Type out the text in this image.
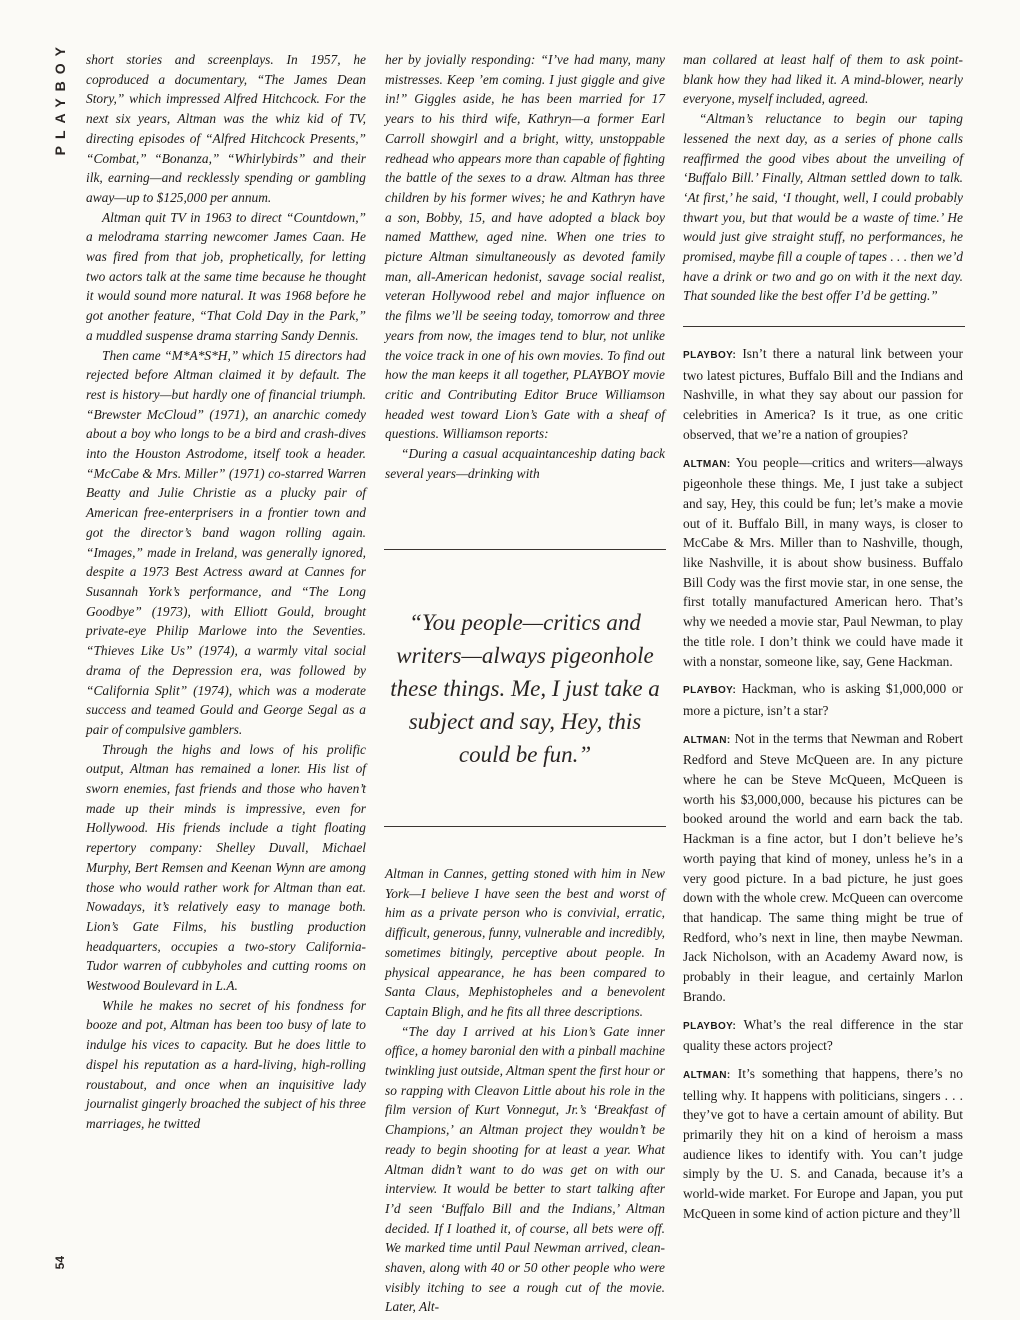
PLAYBOY
54

short stories and screenplays. In 1957, he coproduced a documentary, “The James Dean Story,” which impressed Alfred Hitchcock. For the next six years, Altman was the whiz kid of TV, directing episodes of “Alfred Hitchcock Presents,” “Combat,” “Bonanza,” “Whirlybirds” and their ilk, earning—and recklessly spending or gambling away—up to $125,000 per annum.

Altman quit TV in 1963 to direct “Countdown,” a melodrama starring newcomer James Caan. He was fired from that job, prophetically, for letting two actors talk at the same time because he thought it would sound more natural. It was 1968 before he got another feature, “That Cold Day in the Park,” a muddled suspense drama starring Sandy Dennis.

Then came “M*A*S*H,” which 15 directors had rejected before Altman claimed it by default. The rest is history—but hardly one of financial triumph. “Brewster McCloud” (1971), an anarchic comedy about a boy who longs to be a bird and crash-dives into the Houston Astrodome, itself took a header. “McCabe & Mrs. Miller” (1971) co-starred Warren Beatty and Julie Christie as a plucky pair of American free-enterprisers in a frontier town and got the director’s band wagon rolling again. “Images,” made in Ireland, was generally ignored, despite a 1973 Best Actress award at Cannes for Susannah York’s performance, and “The Long Goodbye” (1973), with Elliott Gould, brought private-eye Philip Marlowe into the Seventies. “Thieves Like Us” (1974), a warmly vital social drama of the Depression era, was followed by “California Split” (1974), which was a moderate success and teamed Gould and George Segal as a pair of compulsive gamblers.

Through the highs and lows of his prolific output, Altman has remained a loner. His list of sworn enemies, fast friends and those who haven’t made up their minds is impressive, even for Hollywood. His friends include a tight floating repertory company: Shelley Duvall, Michael Murphy, Bert Remsen and Keenan Wynn are among those who would rather work for Altman than eat. Nowadays, it’s relatively easy to manage both. Lion’s Gate Films, his bustling production headquarters, occupies a two-story California-Tudor warren of cubbyholes and cutting rooms on Westwood Boulevard in L.A.

While he makes no secret of his fondness for booze and pot, Altman has been too busy of late to indulge his vices to capacity. But he does little to dispel his reputation as a hard-living, high-rolling roustabout, and once when an inquisitive lady journalist gingerly broached the subject of his three marriages, he twitted

her by jovially responding: “I’ve had many, many mistresses. Keep ’em coming. I just giggle and give in!” Giggles aside, he has been married for 17 years to his third wife, Kathryn—a former Earl Carroll showgirl and a bright, witty, unstoppable redhead who appears more than capable of fighting the battle of the sexes to a draw. Altman has three children by his former wives; he and Kathryn have a son, Bobby, 15, and have adopted a black boy named Matthew, aged nine. When one tries to picture Altman simultaneously as devoted family man, all-American hedonist, savage social realist, veteran Hollywood rebel and major influence on the films we’ll be seeing today, tomorrow and three years from now, the images tend to blur, not unlike the voice track in one of his own movies. To find out how the man keeps it all together, PLAYBOY movie critic and Contributing Editor Bruce Williamson headed west toward Lion’s Gate with a sheaf of questions. Williamson reports:

“During a casual acquaintanceship dating back several years—drinking with

“You people—critics and writers—always pigeonhole these things. Me, I just take a subject and say, Hey, this could be fun.”

Altman in Cannes, getting stoned with him in New York—I believe I have seen the best and worst of him as a private person who is convivial, erratic, difficult, generous, funny, vulnerable and incredibly, sometimes bitingly, perceptive about people. In physical appearance, he has been compared to Santa Claus, Mephistopheles and a benevolent Captain Bligh, and he fits all three descriptions.

“The day I arrived at his Lion’s Gate inner office, a homey baronial den with a pinball machine twinkling just outside, Altman spent the first hour or so rapping with Cleavon Little about his role in the film version of Kurt Vonnegut, Jr.’s ‘Breakfast of Champions,’ an Altman project they wouldn’t be ready to begin shooting for at least a year. What Altman didn’t want to do was get on with our interview. It would be better to start talking after I’d seen ‘Buffalo Bill and the Indians,’ Altman decided. If I loathed it, of course, all bets were off. We marked time until Paul Newman arrived, clean-shaven, along with 40 or 50 other people who were visibly itching to see a rough cut of the movie. Later, Alt-

man collared at least half of them to ask point-blank how they had liked it. A mind-blower, nearly everyone, myself included, agreed.

“Altman’s reluctance to begin our taping lessened the next day, as a series of phone calls reaffirmed the good vibes about the unveiling of ‘Buffalo Bill.’ Finally, Altman settled down to talk. ‘At first,’ he said, ‘I thought, well, I could probably thwart you, but that would be a waste of time.’ He would just give straight stuff, no performances, he promised, maybe fill a couple of tapes . . . then we’d have a drink or two and go on with it the next day. That sounded like the best offer I’d be getting.”

PLAYBOY: Isn’t there a natural link between your two latest pictures, Buffalo Bill and the Indians and Nashville, in what they say about our passion for celebrities in America? Is it true, as one critic observed, that we’re a nation of groupies?

ALTMAN: You people—critics and writers—always pigeonhole these things. Me, I just take a subject and say, Hey, this could be fun; let’s make a movie out of it. Buffalo Bill, in many ways, is closer to McCabe & Mrs. Miller than to Nashville, though, like Nashville, it is about show business. Buffalo Bill Cody was the first movie star, in one sense, the first totally manufactured American hero. That’s why we needed a movie star, Paul Newman, to play the title role. I don’t think we could have made it with a nonstar, someone like, say, Gene Hackman.

PLAYBOY: Hackman, who is asking $1,000,000 or more a picture, isn’t a star?

ALTMAN: Not in the terms that Newman and Robert Redford and Steve McQueen are. In any picture where he can be Steve McQueen, McQueen is worth his $3,000,000, because his pictures can be booked around the world and earn back the tab. Hackman is a fine actor, but I don’t believe he’s worth paying that kind of money, unless he’s in a very good picture. In a bad picture, he just goes down with the whole crew. McQueen can overcome that handicap. The same thing might be true of Redford, who’s next in line, then maybe Newman. Jack Nicholson, with an Academy Award now, is probably in their league, and certainly Marlon Brando.

PLAYBOY: What’s the real difference in the star quality these actors project?

ALTMAN: It’s something that happens, there’s no telling why. It happens with politicians, singers . . . they’ve got to have a certain amount of ability. But primarily they hit on a kind of heroism a mass audience likes to identify with. You can’t judge simply by the U. S. and Canada, because it’s a world-wide market. For Europe and Japan, you put McQueen in some kind of action picture and they’ll
